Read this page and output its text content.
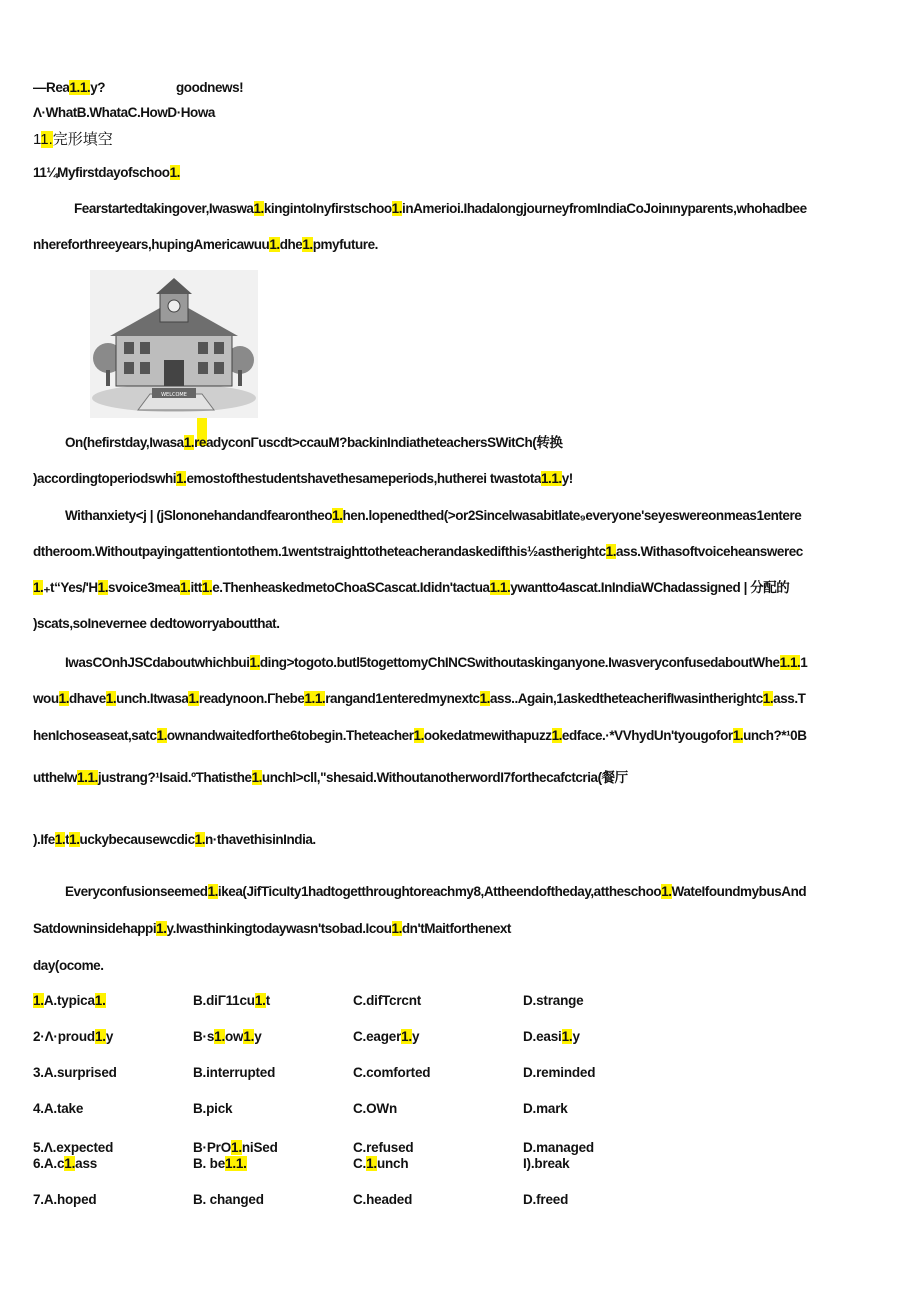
—Rea1.1.y?	goodnews!
Λ·WhatB.WhataC.HowD·Howa
11.完形填空
11¼Myfirstdayofschoo1.
Fearstartedtakingover,Iwaswa1.kingintoInyfirstschoo1.inAmerioi.IhadalongjourneyfromIndiaCoJoinınyparents,whohadbee
nhereforthreeyears,hupingAmericawuu1.dhe1.pmyfuture.
WELCOME
On(hefirstday,Iwasa1.readyconΓuscdt>ccauM?backinIndiatheteachersSWitCh(转换
)accordingtoperiodswhi1.emostofthestudentshavethesameperiods,hutherei twastota1.1.y!
Withanxiety<j | (jSlononehandandfearontheo1.hen.lopenedthed(>or2Sincelwasabitlate₉everyone'seyeswereonmeas1entere
dtheroom.Withoutpayingattentiontothem.1wentstraighttotheteacherandaskedifthis½astherightc1.ass.Withasoftvoiceheanswerec
1.₊t“Yes/'H1.svoice3mea1.itt1.e.ThenheaskedmetoChoaSCascat.Ididn'tactua1.1.ywantto4ascat.InIndiaWChadassigned | 分配的
)scats,soInevernee dedtoworryaboutthat.
IwasCOnhJSCdaboutwhichbui1.ding>togoto.butl5togettomyChINCSwithoutaskinganyone.IwasveryconfusedaboutWhe1.1.1
wou1.dhave1.unch.Itwasa1.readynoon.Γhebe1.1.rangand1enteredmynextc1.ass..Again,1askedtheteacherifIwasintherightc1.ass.T
henIchoseaseat,satc1.ownandwaitedforthe6tobegin.Theteacher1.ookedatmewithapuzz1.edface.·*VVhydUn'tyougofor1.unch?*¹0B
uttheIw1.1.justrang?¹Isaid.ºThatisthe1.unchl>cll,"shesaid.WithoutanotherwordI7forthecafctcria(餐厅
).Ife1.t1.uckybecausewcdic1.n·thavethisinIndia.
Everyconfusionseemed1.ikea(JifTicuIty1hadtogetthroughtoreachmy8,Attheendoftheday,attheschoo1.WateIfoundmybusAnd
Satdowninsidehappi1.y.Iwasthinkingtodaywasn'tsobad.Icou1.dn'tMaitforthenext
day(ocome.
1.A.typica1.	B.diΓ11cu1.t	C.difTcrcnt	D.strange
2·Λ·proud1.y	B·s1.ow1.y	C.eager1.y	D.easi1.y
3.A.surprised	B.interrupted	C.comforted	D.reminded
4.A.take	B.pick	C.OWn	D.mark
5.Λ.expected	B·PrO1.niSed	C.refused	D.managed
6.A.c1.ass	B. be1.1.	C.1.unch	I).break
7.A.hoped	B. changed	C.headed	D.freed
